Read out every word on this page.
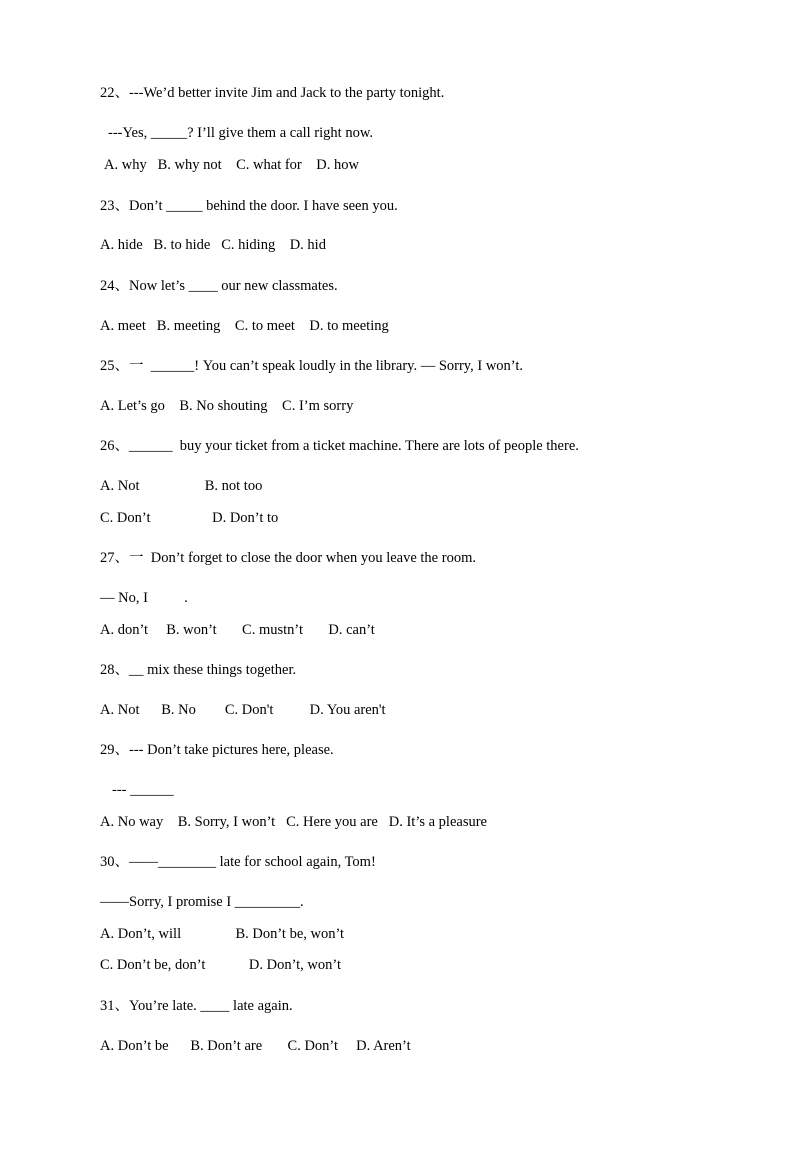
22、---We’d better invite Jim and Jack to the party tonight.
---Yes, _____? I’ll give them a call right now.
A. why   B. why not    C. what for    D. how
23、Don’t _____ behind the door. I have seen you.
A. hide   B. to hide   C. hiding    D. hid
24、Now let’s ____ our new classmates.
A. meet   B. meeting    C. to meet    D. to meeting
25、一  ______! You can’t speak loudly in the library. — Sorry, I won’t.
A. Let’s go    B. No shouting    C. I’m sorry
26、______  buy your ticket from a ticket machine. There are lots of people there.
A. Not                  B. not too
C. Don’t                 D. Don’t to
27、一  Don’t forget to close the door when you leave the room.
— No, I          .
A. don’t     B. won’t       C. mustn’t       D. can’t
28、__ mix these things together.
A. Not      B. No        C. Don't          D. You aren't
29、--- Don’t take pictures here, please.
--- ______
A. No way    B. Sorry, I won’t   C. Here you are   D. It’s a pleasure
30、——________ late for school again, Tom!
——Sorry, I promise I _________.
A. Don’t, will               B. Don’t be, won’t
C. Don’t be, don’t            D. Don’t, won’t
31、You’re late. ____ late again.
A. Don’t be      B. Don’t are       C. Don’t     D. Aren’t
